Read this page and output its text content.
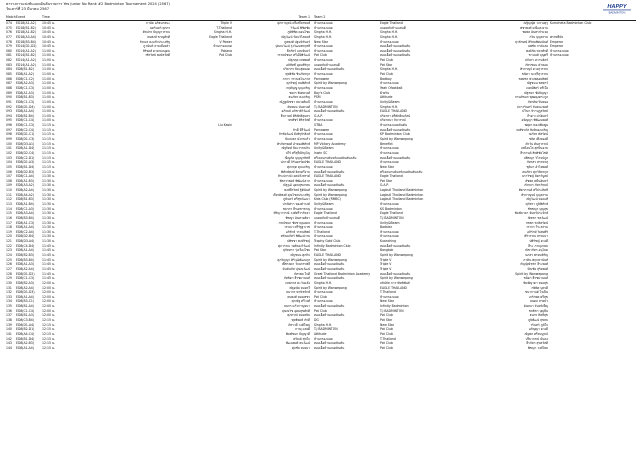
ตารางการแข่งขันแบดมินตันรายการ Yes Junior No Rank #2 Badminton Tournament 2024 (2567)
วันเสาร์ที่ 23 มีนาคม 2567	HAPPY
BADMINTON
Match Event	Time	Team 1	Team 2
074	ED18(A1-A2)	10:45 น.	ภานัท อภิธนาธนะ	Triple V	ศุภกาญจน์ ศรีเสถียรพงษ์	บ้านกรองแบด	Eagle Thailand	ณฐิญญ์ธ วงรวงศุรุ Kumcheta Badminton Club
075	ED18(B1-B2)	10:45 น.	นครินทร์ ศุภกร	T.Thailand	วิวัฒน์ พิชิตชัย	บ้านกรองแบด	แบดคลับบ้านแสนดี	พชรพงศ์ มณีแสงงาม
076	ED18(A1-B2)	10:45 น.	ศิลปกร ปัญญาวรรณ	Singha H.H.	ภูมิพิชิต ดอนไชย	Singha H.H.	Singha H.H.	ชยพล อินทรกำแหง
077	ED18(A3-A4)	10:45 น.	ธนพงษ์ ชาญศักดิ์	Eagle Thailand	ณัฐวัฒน์ รัตนวิไลพงษ์	Singha H.H.	Singha H.H.	กวิน บุญธรรม พรรษธีมัย
078	ED18(B3-B4)	10:45 น.	จิรเมธ คงแก้วประเสริฐ	V Power	ภูตพงศ์ ปฐมนิรันดร์	New Star	บ้านกรองแบด	สุวลักษณ์ ศิริสมพิศอนันต์ Emperor
079	ED14(D1-D2)	10:45 น.	ภูวนันท์ ลายเมืองคำ	บ้านกรองแบด	ปุณณวัฒน์ รุ่งวัฒนพรฤทธิ์	บ้านกรองแบด	ทองเอื้อบ้านแบดมินตัน	นพชัย ภาค์แสง Emperor
080	ED14(A1-A2)	11:00 น.	สิริพงษ์ ดวงกมลอุดม	Pokana	ธีรภัทร์ แสงจันทร์	บ้านกรองแบด	ทองเอื้อบ้านแบดมินตัน	พงศ์ภัค ขจรศักดิ์ บ้านกรองแบด
081	ED14(B1-B2)	11:00 น.	วชิรวิทย์ พงษ์สวัสดิ์	Pot Club	วรรธน์ชนก ศรีเอีย์ธิรัฒน์	Pot Club	ทองเอื้อบ้านแบดมินตัน	ชานนท์ บุญศรี บ้านกรองแบด
082	ED14(A1-A2)	11:00 น.	ณัฐกฤต เทพพงศ์	บ้านกรองแบด	Pot Club	ปภังกร หวานจิตร์
083	ED14(A1-A2)	11:00 น.	อภิสิทธิ์ อุดมสิริกุล	แบดคลับบ้านแสนดี	Pot Star	ภัทรชนน คำหอม
084	ED8(B1-B2)	11:00 น.	ปริยากร ปิยะสุดยอด	ทองเอื้อบ้านแบดมินตัน	Singha H.H.	ศิรกาญจ์ ดวงสุวรรณ
085	ED8(A1-A2)	11:00 น.	พุทธิชัย ชินภัทรกุล	บ้านกรองแบด	Pot Club	ชนิตา ณ ศรีสุวรรณ
086	ED8(C1-C2)	11:00 น.	ภากร วรรณธโนภาส	Pornawee	Badboy	ชยพชร พวงพลอยทิพย์
087	ED8(A2-A3)	11:00 น.	ศุภวิชญ์ ธนพิทักษ์	Spirit by Wanwepong	บ้านกรองแบด	ณัฐชนน พลพาร์
088	ED8(C1-C3)	11:00 น.	กฤตัญญู บุญเจริญ	บ้านกรองแบด	Yeah Ofootball	เจตน์พิตร์ หรีเป็ง
089	ED8(A1-A3)	11:00 น.	ชยกร พิเศษวงศ์	Boy's Club	ฝ้ายริน	ณัฐชยา ชัยปัญญา
090	ED8(B1-B3)	11:00 น.	ธนภัทร คงเจริญ	PSM	Attitude	กานต์ชนก พุลผดุงตระกูล
091	ED8(C1-C3)	11:00 น.	ณัฏฐณิชชา สมวงศ์มณี	บ้านกรองแบด	Unity&Beam	ภัทรดิษ ปิ่นทอง
092	ED8(D1-D4)	11:00 น.	ดิษยมน นันทวงศ์	T.J BADMINTON	Singha H.H.	ปภาวรินทร์ จันทนะพงศ์
093	ED8(A1-A4)	11:00 น.	อภิรมย์ อภิชาติวิวัฒน์	ทองเอื้อบ้านแบดมินตัน	EAGLE THAILAND	ปวีณา จิรานุกูลวิทย์
094	ED8(B1-B4)	11:00 น.	ธีรภาคย์ ศิริศักดิ์สุนทร	G.A.P.	ปริยาสา ศรีศักดิ์ณภัสน์	ภีรดา เปาอินทร์
095	ED8(C1-C4)	11:00 น.	พรพัชร์ ศิริสวัสดิ์	บ้านกรองแบด	ปริยาธนา ภิลวรรณ์	อนิญญา พิพัฒนพงศ์
096	ED8(C1-C3)	11:15 น.	Liu Kasin	GTBA	บ้านกรองแบดมินตัน	พศุดา ทองเพิ่มพูน
097	ED8(C2-C4)	11:15 น.	ภิรตี คีรีวัฒน์	Pornawee	ทองเอื้อบ้านแบดมินตัน	ณพัชรภัส สิงห์ทองเจริญ
098	ED8(D1-C1)	11:15 น.	จิรชัยวัฒน์ ยิ่งพิรุจิรสิงห์	บ้านกรองแบด	KP Badminton Club	ณภัทร ทัตรัตน์
099	ED8(D1-C3)	11:15 น.	ปัณณธร มังกรแก้ว	บ้านกรองแบด	Spirit by Wanwepong	ชลิต เพ็งทองดี
100	ED8(D3-A1)	11:15 น.	ศิรภัทรพงศ์ อำทองพิทักษ์	MP Victory Academy	Benefict	ตัรวัน ตันสุวรรณ์
101	ED8(A1-D4)	11:15 น.	ณัฐกิตต์ ปิยะวรรณกิจ	Unity&Beam	บ้านกรองแบด	เหมือนใจ สุกปิ่นฉาย
102	ED8(D2-C4)	11:15 น.	ปวีร์ ศรีสุรีย์ภิญโญ	Inwin SC	บ้านกรองแบด	ธีรกานต์ สิทธิชัยโชติ
103	ED8(C2-D1)	11:15 น.	ณีญภัค บุญญาสิทธิ์	ศรีเจตนาบดินทร์แบดมินตันคลับ	ทองเอื้อบ้านแบดมินตัน	ปพิชญา วิโรจน์กูล
104	ED8(D1-A3)	11:15 น.	ปภาวดี จิรันดรรัตน์ชัย	EAGLE THAILAND	บ้านกรองแบด	ภัทรสร ทรรพวสุ
105	ED8(B1-D4)	11:15 น.	ศุภกฤต คุณเจริญ	บ้านกรองแบด	New Star	ชุติมา อำไพพงศ์
106	ED8(D2-B3)	11:15 น.	พิทักษ์พงษ์ จิตรตรีงาม	ทองเอื้อบ้านแบดมินตัน	ศรีเจตนาบดินทร์แบดมินตันคลับ	ธนภัทร ศุภวิจิตรกุล
107	ED8(C1-A4)	11:30 น.	สิระปกรณ์ เจตน์รังสรรค์	EAGLE THAILAND	Eagle Thailand	นราวิชญ์ มิตรวิบูลย์
108	ED8(A1-B3)	11:30 น.	พัชรวรพงษ์ พิพัฒน์ลาภ	บ้านกรองแบด	Pot Star	ธัชพล หมื่นอินทร์
109	ED8(A3-A2)	11:30 น.	ณัฐวุฒิ อุดมสุขเกษม	ทองเอื้อบ้านแบดมินตัน	G.A.P.	ภัทรภร ภัทรภิรมย์
110	ED8(A2-A4)	11:30 น.	พงษ์ธีรวิทย์ ฐิตินันท์	Spirit by Wanwepong	Logbull Thailand Badminton	ศิตากานต์ ศรีประสิทธิ์
111	ED8(A4-A2)	11:30 น.	เกียรติพงศ์ คุณโชคประเสริฐ	Spirit by Wanwepong	Logbull Thailand Badminton	ศิรกาญจน์ บุญธรรม
112	ED8(B1-B3)	11:30 น.	ภูมินทร์ ศรีสุขวัฒนา	Kids Club (RMBC)	Logbull Thailand Badminton	ณัฐวัฒน์ ทองแท้
113	ED8(A1-B4)	11:30 น.	ปาณิศรา ทองคำวงค์	Unity&Beam	บ้านกรองแบด	ศุภัสรา ภูมิพิทักษ์
114	ED8(C1-A3)	11:30 น.	ชยากร ธีรเดชาชาญ	บ้านกรองแบด	KS Badminton	ชัชชญา บุญสุข
115	ED8(A3-A4)	11:30 น.	ศิริญาวรรณ์ วงศ์ศรีวรกิจจา	Eagle Thailand	Eagle Thailand	พิมพ์มาดา จันทร์ประจักษ์
116	ED8(B3-B4)	11:30 น.	พิชญา อินทวงศ์ษา	แบดคลับบ้านแสนดี	T.J BADMINTON	ณิชชา ชลวัฒน์
117	ED8(A1-C3)	11:30 น.	ภรณ์ชนก ชัยชาญมงคล	บ้านกรองแบด	Unity&Beam	กชพร ชวลิตรัตน์
118	ED8(A1-A4)	11:30 น.	วรรณา ศรีรัฐฐาเวช	บ้านกรองแบด	Badstar	วรากร วีระธรรม
119	ED8(C2-A4)	11:30 น.	อภิรักษ์ วรรณทิพย์	T.Thailand	บ้านกรองแบด	อภิรักษ์ วิเศษศิริ
120	ED8(D2-B4)	11:30 น.	ศรัณยภัทร์ พิพัฒน์วาย	บ้านกรองแบด	บ้านกรองแบด	ศิริวรรณ ธรรมมา
121	ED8(D3-A4)	11:30 น.	ปพิชชา พงษ์วิชญ์	Trophy Gold Club	Kuanching	ปพิรัชญ์ ดวงดี
122	ED8(C4-D4)	11:45 น.	ศุภวรรณ วงศ์ทองวิวัฒน์	Infinity Badminton Club	ทองเอื้อบ้านแบดมินตัน	ธีระ ภาณุเกษม
123	ED8(A1-A4)	11:45 น.	สุภัททรา รุ่งเรืองไชย	Pot Star	Bangkok	ณิชาภัทร อนุโยค
124	ED8(B2-B3)	11:45 น.	ณัฐชนน ศุภกิจ	EAGLE THAILAND	Spirit by Wanwepong	นภสร พรหมหิรัญ
125	ED8(B3-B4)	11:45 น.	ศุภวิญญา ศิริวุฒิพัฒนกุล	Spirit by Wanwepong	Triple V	ภาคิน พฤกษานันท์
126	ED8(A1-A3)	11:45 น.	เพ็ชรลดา วัจนกรรพธี	ทองเอื้อบ้านแบดมินตัน	Triple V	กัญญ์ณัชชา ธีระพงศ์
127	ED8(A2-A4)	11:45 น.	นันท์นภัส ปุณณวัฒน์	ทองเอื้อบ้านแบดมินตัน	Triple V	ปัณชัย สุริยพงศ์
128	ED8(D1-D2)	11:45 น.	ภัทรพล ใจดี	Great Thailand Badminton Academy	ทองเอื้อบ้านแบดมินตัน	Spirit by Wanwepong
129	ED8(C1-C3)	11:45 น.	ภัทธิดา ธีรชยานนท์	ทองเอื้อบ้านแบดมินตัน	Spirit by Wanwepong	ชนิดา ธีรชยานนท์
130	ED8(B2-A3)	12:00 น.	เทพภาส ตะวันแจ้ง	Singha H.H.	ลลิน์ลัส ภาวาสิทธิพันธ์	พิมพ์ญาดา ทองสุข
131	ED8(A2-A4)	12:00 น.	ณัฐดนัย ทองทวี	Spirit by Wanwepong	EAGLE THAILAND	กษิดิศ บุตรดี
132	ED8(D1-D3)	12:00 น.	ธนากร พานิชรักษ์	บ้านกรองแบด	T.Thailand	ชนากานต์ ใจเย็น
133	ED8(A1-A4)	12:00 น.	ธนพงศ์ ทองเพชร	Pot Club	บ้านกรองแบด	เกริกพล ศรีสุข
134	ED8(B3-C1)	12:00 น.	ศุภณัฐ ศรีวงศ์	บ้านกรองแบด	New Star	ธนดล สายบัว
135	ED8(B1-A4)	12:00 น.	ธนกร แก้วกาญจนา	ทองเอื้อบ้านแบดมินตัน	Infinity Badminton	อังคณา จันทร์เพ็ญ
136	ED8(C1-C4)	12:00 น.	ปุณณวิช อุดมสุขศักดิ์	Pot Club	T.J BADMINTON	ชลธิชา บุญยืน
137	ED8(B1-A3)	12:00 น.	ศุภกรณ์ ทองหยิบ	ทองเอื้อบ้านแบดมินตัน	Pot Club	ธนกร สิทธิ์สุข
138	ED8(C3-B4)	12:15 น.	พุทธิพงษ์ ภักดี	DG	Pot Star	ภูมิพัฒน์ สุขสม
139	ED8(D1-A4)	12:15 น.	ภัทรวดี วงศ์ใหญ่	Singha H.H.	New Star	วรินทร์ ภูมิใจ
140	ED8(B2-D1)	12:15 น.	ภาณุ แสงดี	T.J BADMINTON	Pot Club	อภิญญา ดวงดี
141	ED8(A4-C4)	12:15 น.	พิมพ์ชนก ปัญญาดี	Attitude	Pot Club	ณัฐพล ศรีสมบูรณ์
142	ED8(B1-D4)	12:15 น.	ศรัณย์ สุขใจ	บ้านกรองแบด	T.Thailand	ปรียาภรณ์ มั่นคง
143	ED8(A2-B3)	12:15 น.	พัฒนพงศ์ ธนวัฒน์	ทองเอื้อบ้านแบดมินตัน	Pot Club	ธีรภัทร สุขสวัสดิ์
144	ED8(A1-A4)	12:15 น.	ศุภชัย ทองมา	ทองเอื้อบ้านแบดมินตัน	Pot Club	พิชญา วงศ์ไทย
